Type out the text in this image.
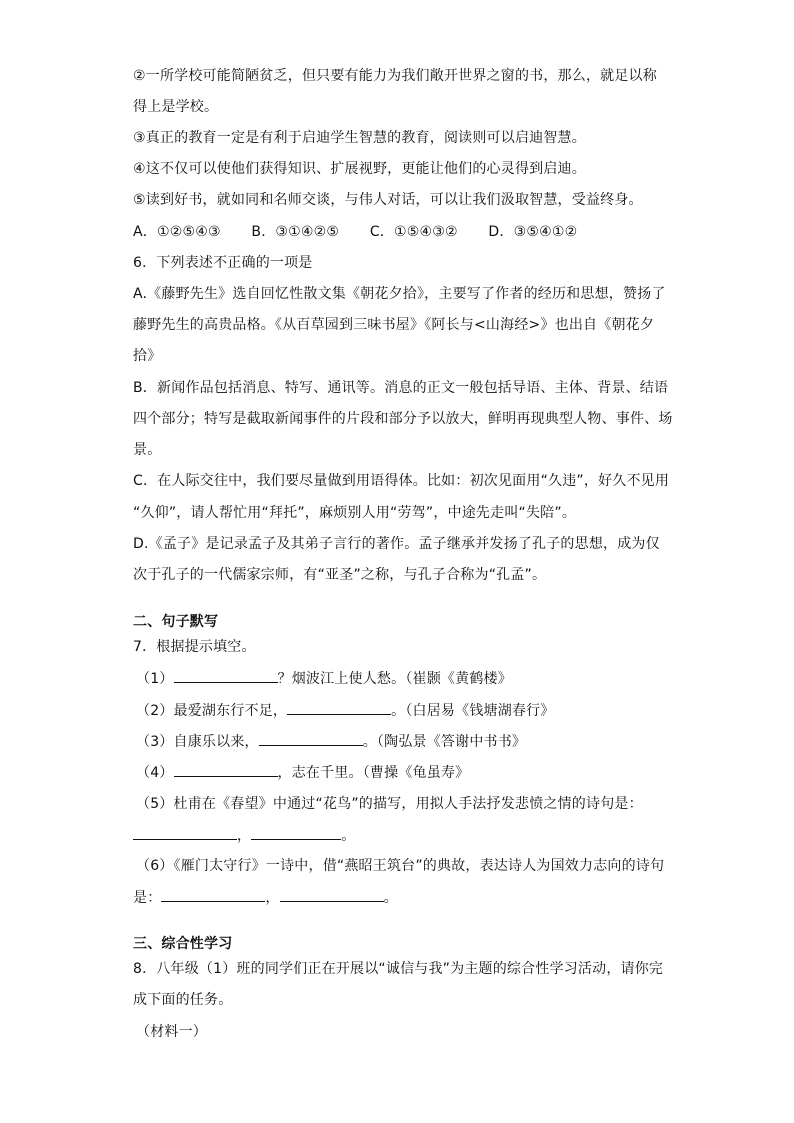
②一所学校可能简陋贫乏，但只要有能力为我们敞开世界之窗的书，那么，就足以称
得上是学校。
③真正的教育一定是有利于启迪学生智慧的教育，阅读则可以启迪智慧。
④这不仅可以使他们获得知识、扩展视野，更能让他们的心灵得到启迪。
⑤读到好书，就如同和名师交谈，与伟人对话，可以让我们汲取智慧，受益终身。
A．①②⑤④③ B．③①④②⑤ C．①⑤④③② D．③⑤④①②
6．下列表述不正确的一项是
A.《藤野先生》选自回忆性散文集《朝花夕拾》，主要写了作者的经历和思想，赞扬了
藤野先生的高贵品格。《从百草园到三味书屋》《阿长与<山海经>》也出自《朝花夕
拾》
B．新闻作品包括消息、特写、通讯等。消息的正文一般包括导语、主体、背景、结语
四个部分；特写是截取新闻事件的片段和部分予以放大，鲜明再现典型人物、事件、场
景。
C．在人际交往中，我们要尽量做到用语得体。比如：初次见面用“久违”，好久不见用
“久仰”，请人帮忙用“拜托”，麻烦别人用“劳驾”，中途先走叫“失陪”。
D.《孟子》是记录孟子及其弟子言行的著作。孟子继承并发扬了孔子的思想，成为仅
次于孔子的一代儒家宗师，有“亚圣”之称，与孔子合称为“孔孟”。
二、句子默写
7．根据提示填空。
（1）	？烟波江上使人愁。（崔颢《黄鹤楼》
（2）最爱湖东行不足，	。（白居易《钱塘湖春行》
（3）自康乐以来，	。（陶弘景《答谢中书书》
（4）	，志在千里。（曹操《龟虽寿》
（5）杜甫在《春望》中通过“花鸟”的描写，用拟人手法抒发悲愤之情的诗句是：
，	。
（6）《雁门太守行》一诗中，借“燕昭王筑台”的典故，表达诗人为国效力志向的诗句
是：	，	。
三、综合性学习
8．八年级（1）班的同学们正在开展以“诚信与我”为主题的综合性学习活动，请你完
成下面的任务。
（材料一）
